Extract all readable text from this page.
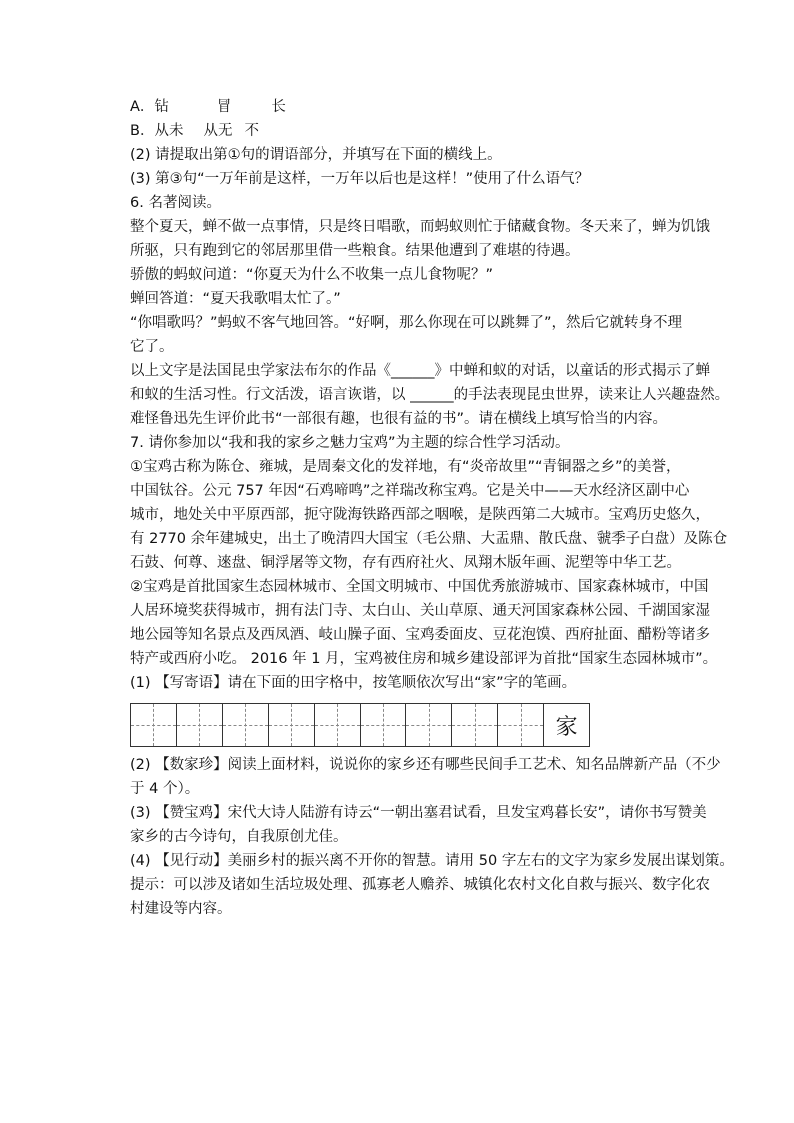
A．钻	冒	长
B．从未 从无 不
(2) 请提取出第①句的谓语部分，并填写在下面的横线上。
(3) 第③句“一万年前是这样，一万年以后也是这样！”使用了什么语气？
6. 名著阅读。
整个夏天，蝉不做一点事情，只是终日唱歌，而蚂蚁则忙于储藏食物。冬天来了，蝉为饥饿
所驱，只有跑到它的邻居那里借一些粮食。结果他遭到了难堪的待遇。
骄傲的蚂蚁问道：“你夏天为什么不收集一点儿食物呢？”
蝉回答道：“夏天我歌唱太忙了。”
“你唱歌吗？”蚂蚁不客气地回答。“好啊，那么你现在可以跳舞了”，然后它就转身不理
它了。
以上文字是法国昆虫学家法布尔的作品《______》中蝉和蚁的对话，以童话的形式揭示了蝉
和蚁的生活习性。行文活泼，语言诙谐，以 ______的手法表现昆虫世界，读来让人兴趣盎然。
难怪鲁迅先生评价此书“一部很有趣，也很有益的书”。请在横线上填写恰当的内容。
7. 请你参加以“我和我的家乡之魅力宝鸡”为主题的综合性学习活动。
①宝鸡古称为陈仓、雍城，是周秦文化的发祥地，有“炎帝故里”“青铜器之乡”的美誉，
中国钛谷。公元 757 年因“石鸡啼鸣”之祥瑞改称宝鸡。它是关中——天水经济区副中心
城市，地处关中平原西部，扼守陇海铁路西部之咽喉，是陕西第二大城市。宝鸡历史悠久，
有 2770 余年建城史，出土了晚清四大国宝（毛公鼎、大盂鼎、散氏盘、虢季子白盘）及陈仓
石鼓、何尊、逨盘、铜浮屠等文物，存有西府社火、凤翔木版年画、泥塑等中华工艺。
②宝鸡是首批国家生态园林城市、全国文明城市、中国优秀旅游城市、国家森林城市，中国
人居环境奖获得城市，拥有法门寺、太白山、关山草原、通天河国家森林公园、千湖国家湿
地公园等知名景点及西凤酒、岐山臊子面、宝鸡委面皮、豆花泡馍、西府扯面、醋粉等诸多
特产或西府小吃。 2016 年 1 月，宝鸡被住房和城乡建设部评为首批“国家生态园林城市”。
(1) 【写寄语】请在下面的田字格中，按笔顺依次写出“家”字的笔画。
家
(2) 【数家珍】阅读上面材料，说说你的家乡还有哪些民间手工艺术、知名品牌新产品（不少
于 4 个）。
(3) 【赞宝鸡】宋代大诗人陆游有诗云“一朝出塞君试看，旦发宝鸡暮长安”，请你书写赞美
家乡的古今诗句，自我原创尤佳。
(4) 【见行动】美丽乡村的振兴离不开你的智慧。请用 50 字左右的文字为家乡发展出谋划策。
提示：可以涉及诸如生活垃圾处理、孤寡老人赡养、城镇化农村文化自救与振兴、数字化农
村建设等内容。
